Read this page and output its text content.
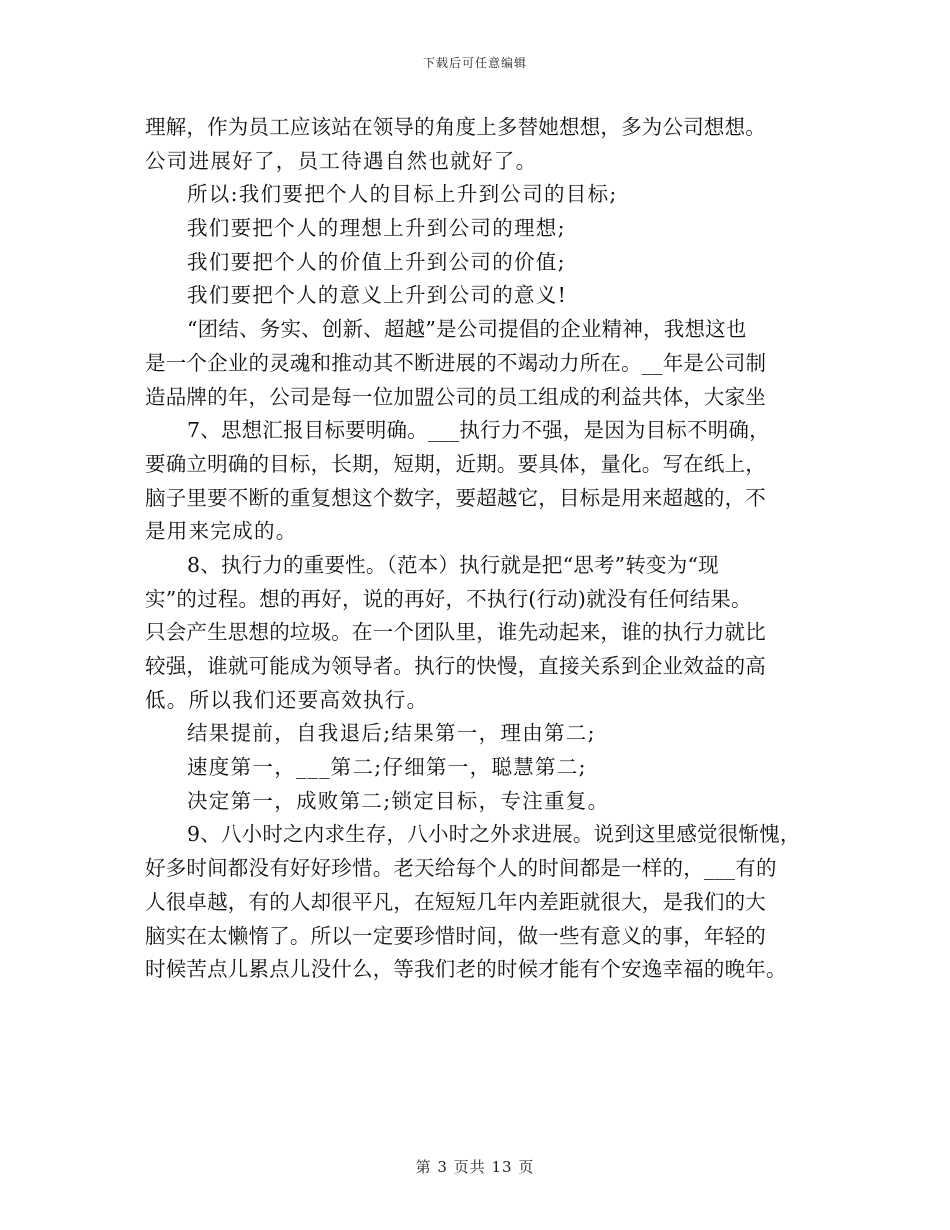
下载后可任意编辑
理解，作为员工应该站在领导的角度上多替她想想，多为公司想想。
公司进展好了，员工待遇自然也就好了。
所以:我们要把个人的目标上升到公司的目标;
我们要把个人的理想上升到公司的理想;
我们要把个人的价值上升到公司的价值;
我们要把个人的意义上升到公司的意义!
“团结、务实、创新、超越”是公司提倡的企业精神，我想这也
是一个企业的灵魂和推动其不断进展的不竭动力所在。__年是公司制
造品牌的年，公司是每一位加盟公司的员工组成的利益共体，大家坐
7、思想汇报目标要明确。___执行力不强，是因为目标不明确，
要确立明确的目标，长期，短期，近期。要具体，量化。写在纸上，
脑子里要不断的重复想这个数字，要超越它，目标是用来超越的，不
是用来完成的。
8、执行力的重要性。（范本）执行就是把“思考”转变为“现
实”的过程。想的再好，说的再好，不执行(行动)就没有任何结果。
只会产生思想的垃圾。在一个团队里，谁先动起来，谁的执行力就比
较强，谁就可能成为领导者。执行的快慢，直接关系到企业效益的高
低。所以我们还要高效执行。
结果提前，自我退后;结果第一，理由第二;
速度第一，___第二;仔细第一，聪慧第二;
决定第一，成败第二;锁定目标，专注重复。
9、八小时之内求生存，八小时之外求进展。说到这里感觉很惭愧，
好多时间都没有好好珍惜。老天给每个人的时间都是一样的，___有的
人很卓越，有的人却很平凡，在短短几年内差距就很大，是我们的大
脑实在太懒惰了。所以一定要珍惜时间，做一些有意义的事，年轻的
时候苦点儿累点儿没什么，等我们老的时候才能有个安逸幸福的晚年。
第 3 页共 13 页
